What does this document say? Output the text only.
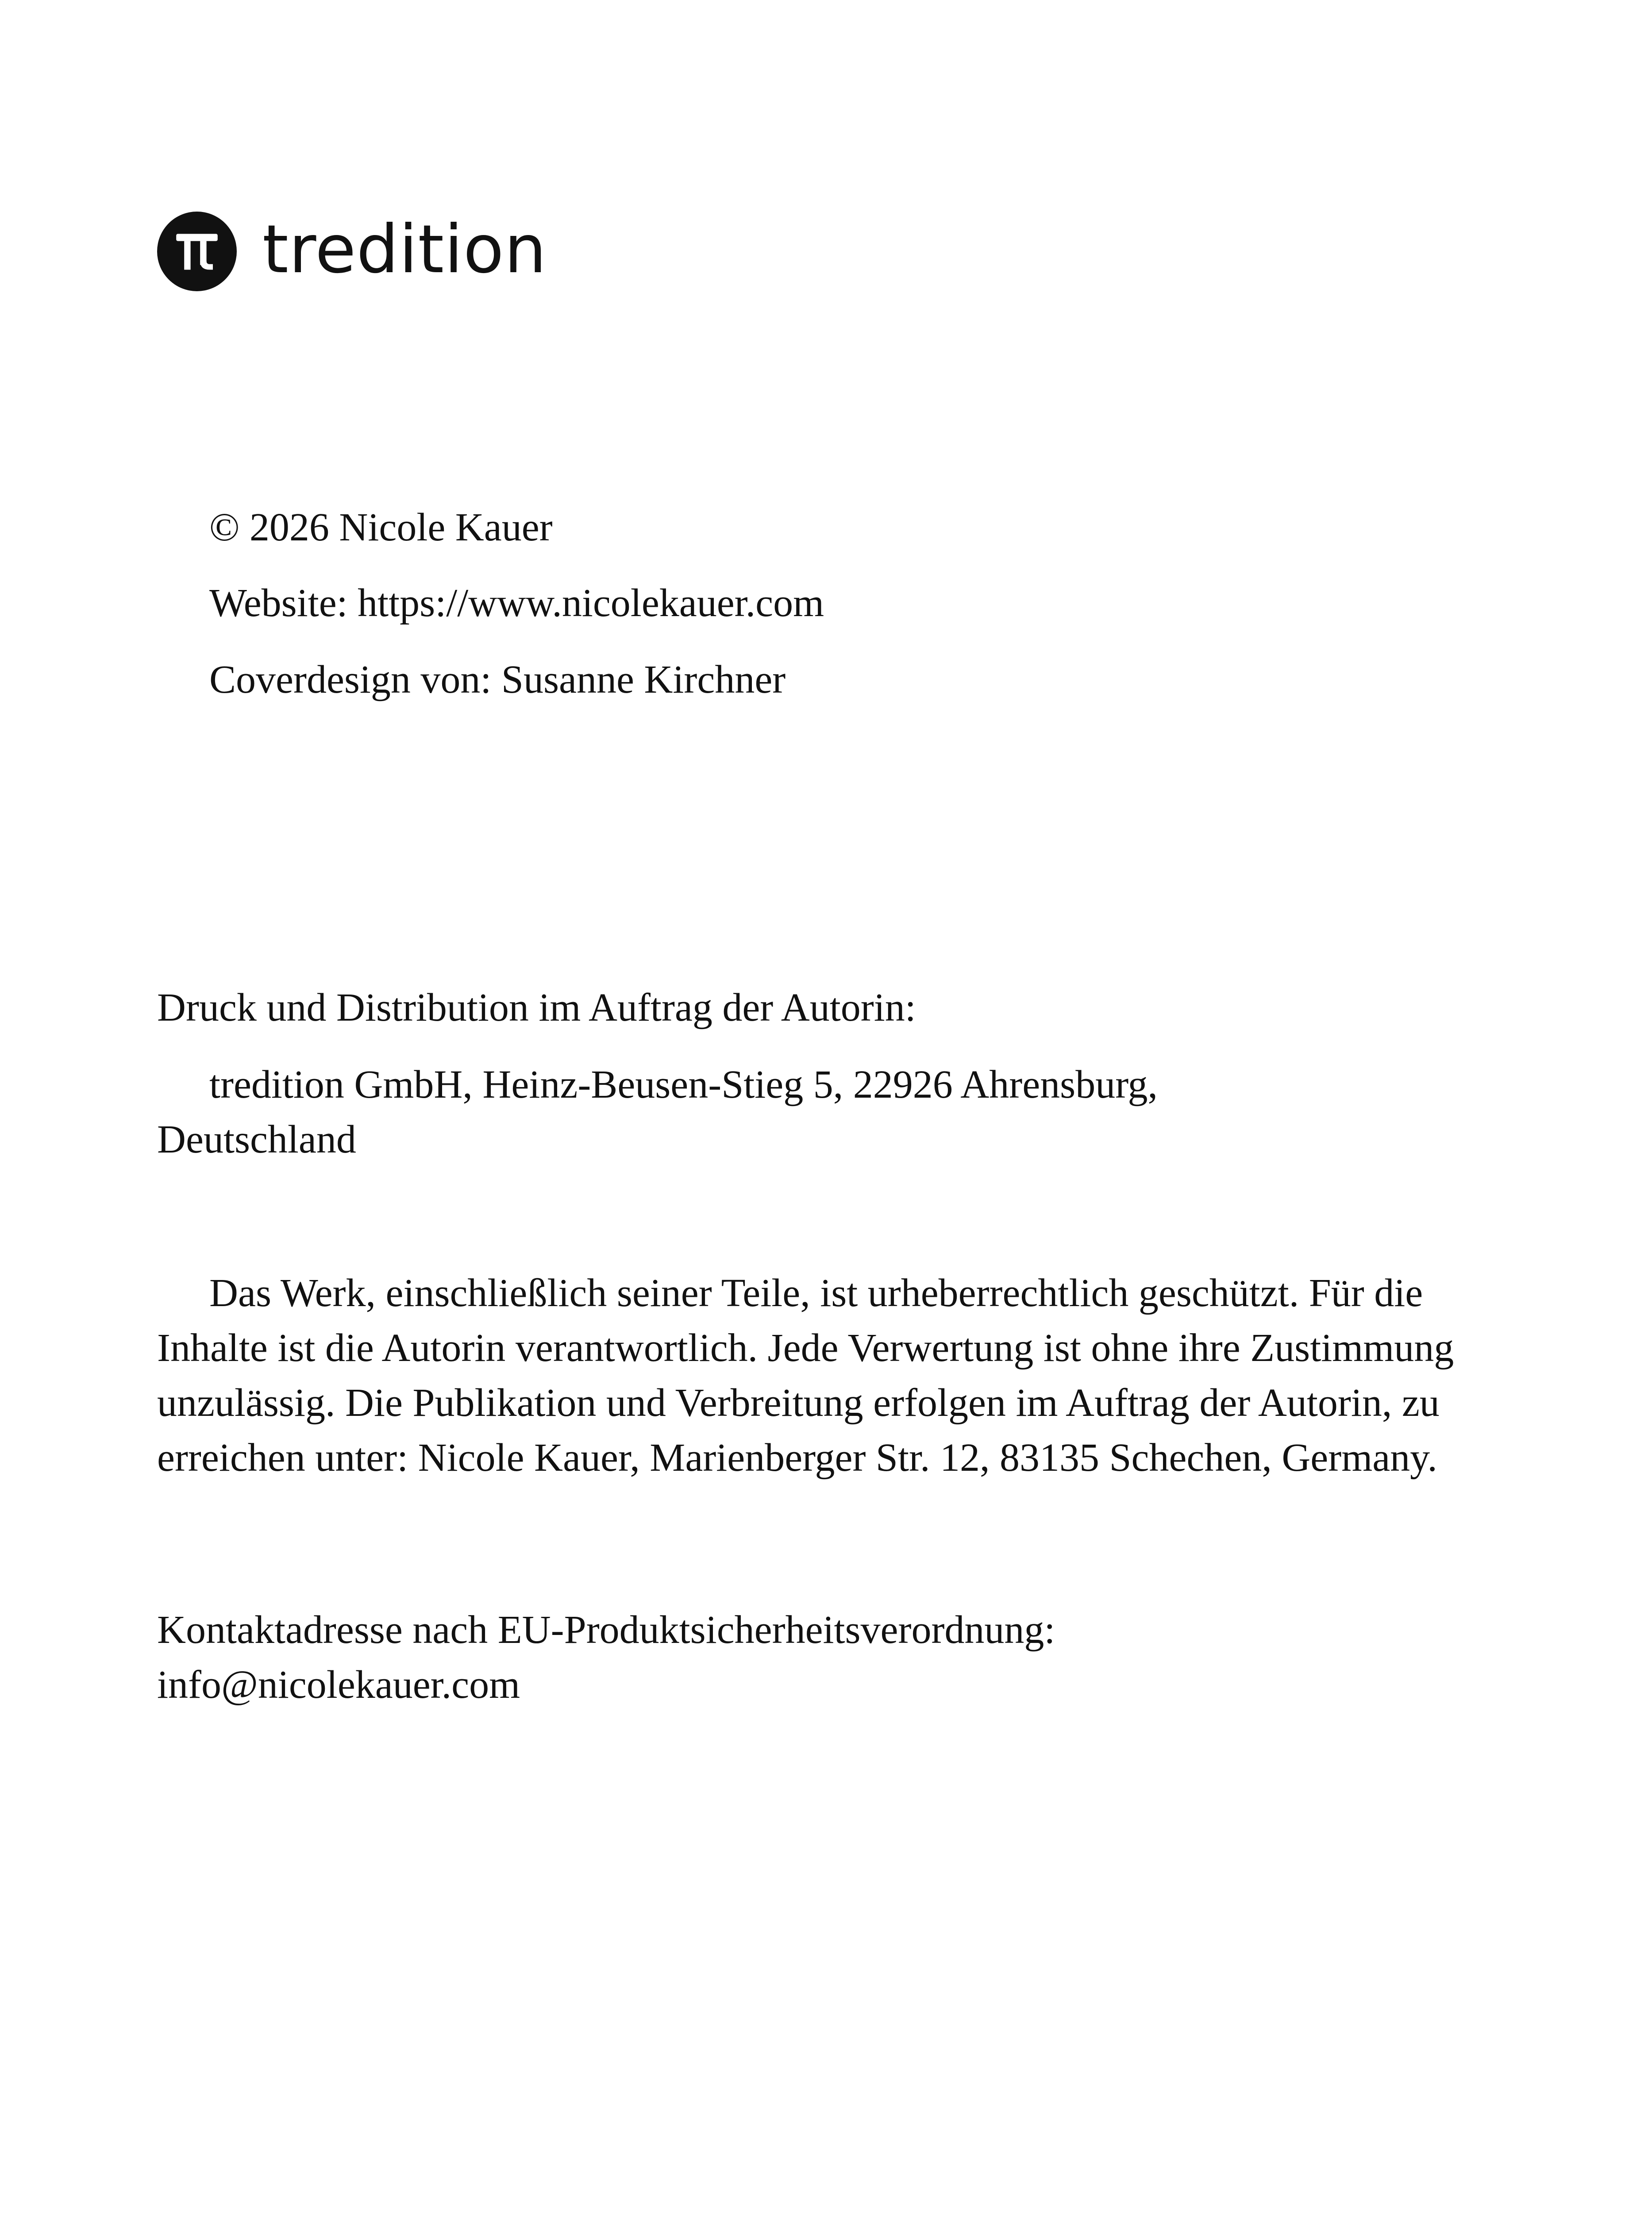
tredition
© 2026 Nicole Kauer
Website: https://www.nicolekauer.com
Coverdesign von: Susanne Kirchner
Druck und Distribution im Auftrag der Autorin:
tredition GmbH, Heinz-Beusen-Stieg 5, 22926 Ahrensburg,
Deutschland
Das Werk, einschließlich seiner Teile, ist urheberrechtlich geschützt. Für die Inhalte ist die Autorin verantwortlich. Jede Verwertung ist ohne ihre Zustimmung unzulässig. Die Publikation und Verbreitung erfolgen im Auftrag der Autorin, zu erreichen unter: Nicole Kauer, Marienberger Str. 12, 83135 Schechen, Germany.
Kontaktadresse nach EU-Produktsicherheitsverordnung:
info@nicolekauer.com
